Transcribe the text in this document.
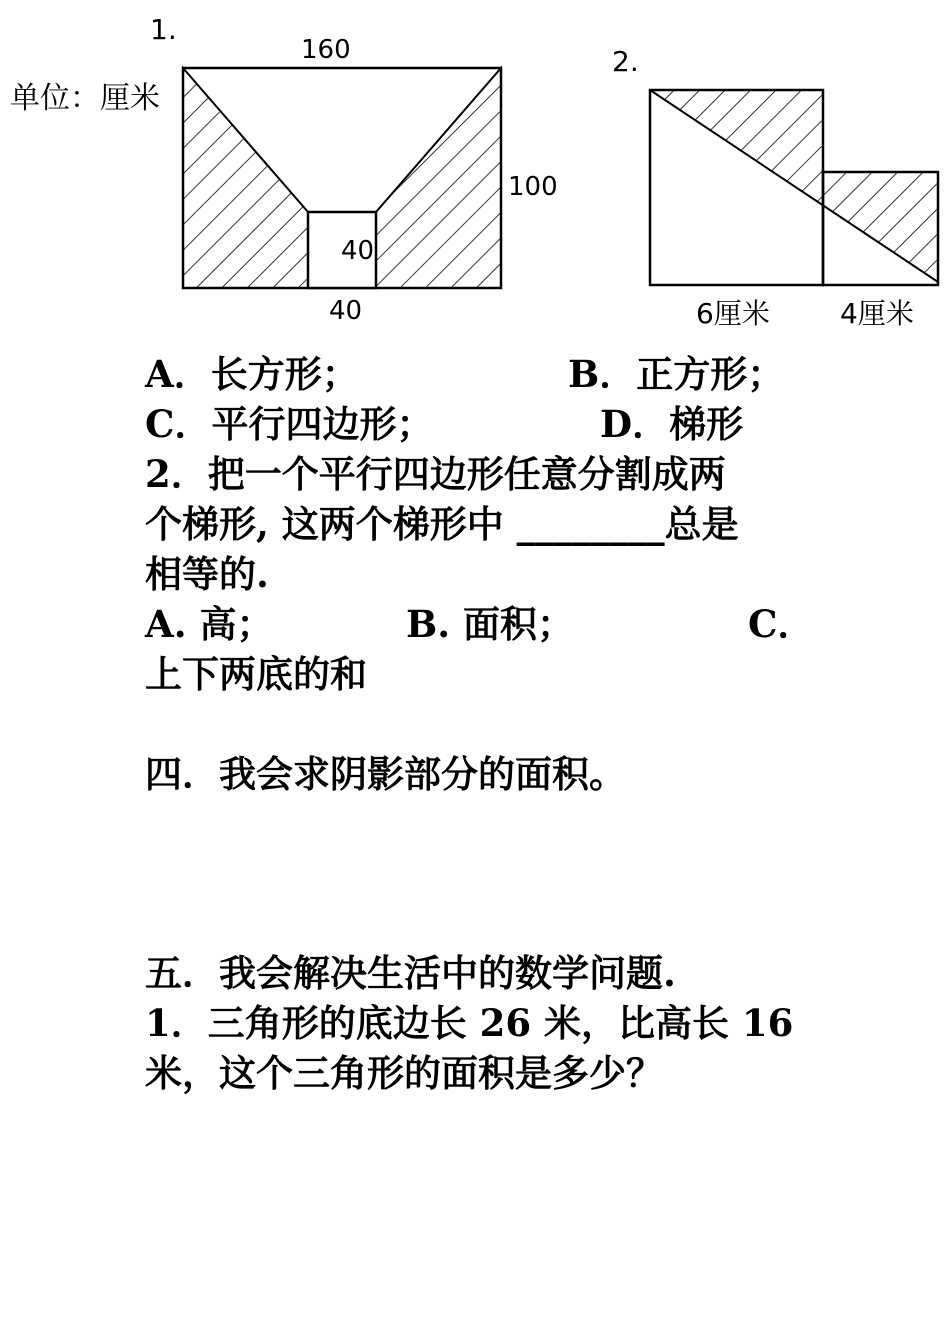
1.
单位：厘米
160
100
40
40
2.
6厘米	4厘米
A．长方形；	B．正方形；
C．平行四边形；	D．梯形
2．把一个平行四边形任意分割成两
个梯形, 这两个梯形中 ________总是
相等的.
A. 高；	B. 面积；	C．
上下两底的和
四．我会求阴影部分的面积。
五．我会解决生活中的数学问题.
1．三角形的底边长 26 米，比高长 16
米，这个三角形的面积是多少？
